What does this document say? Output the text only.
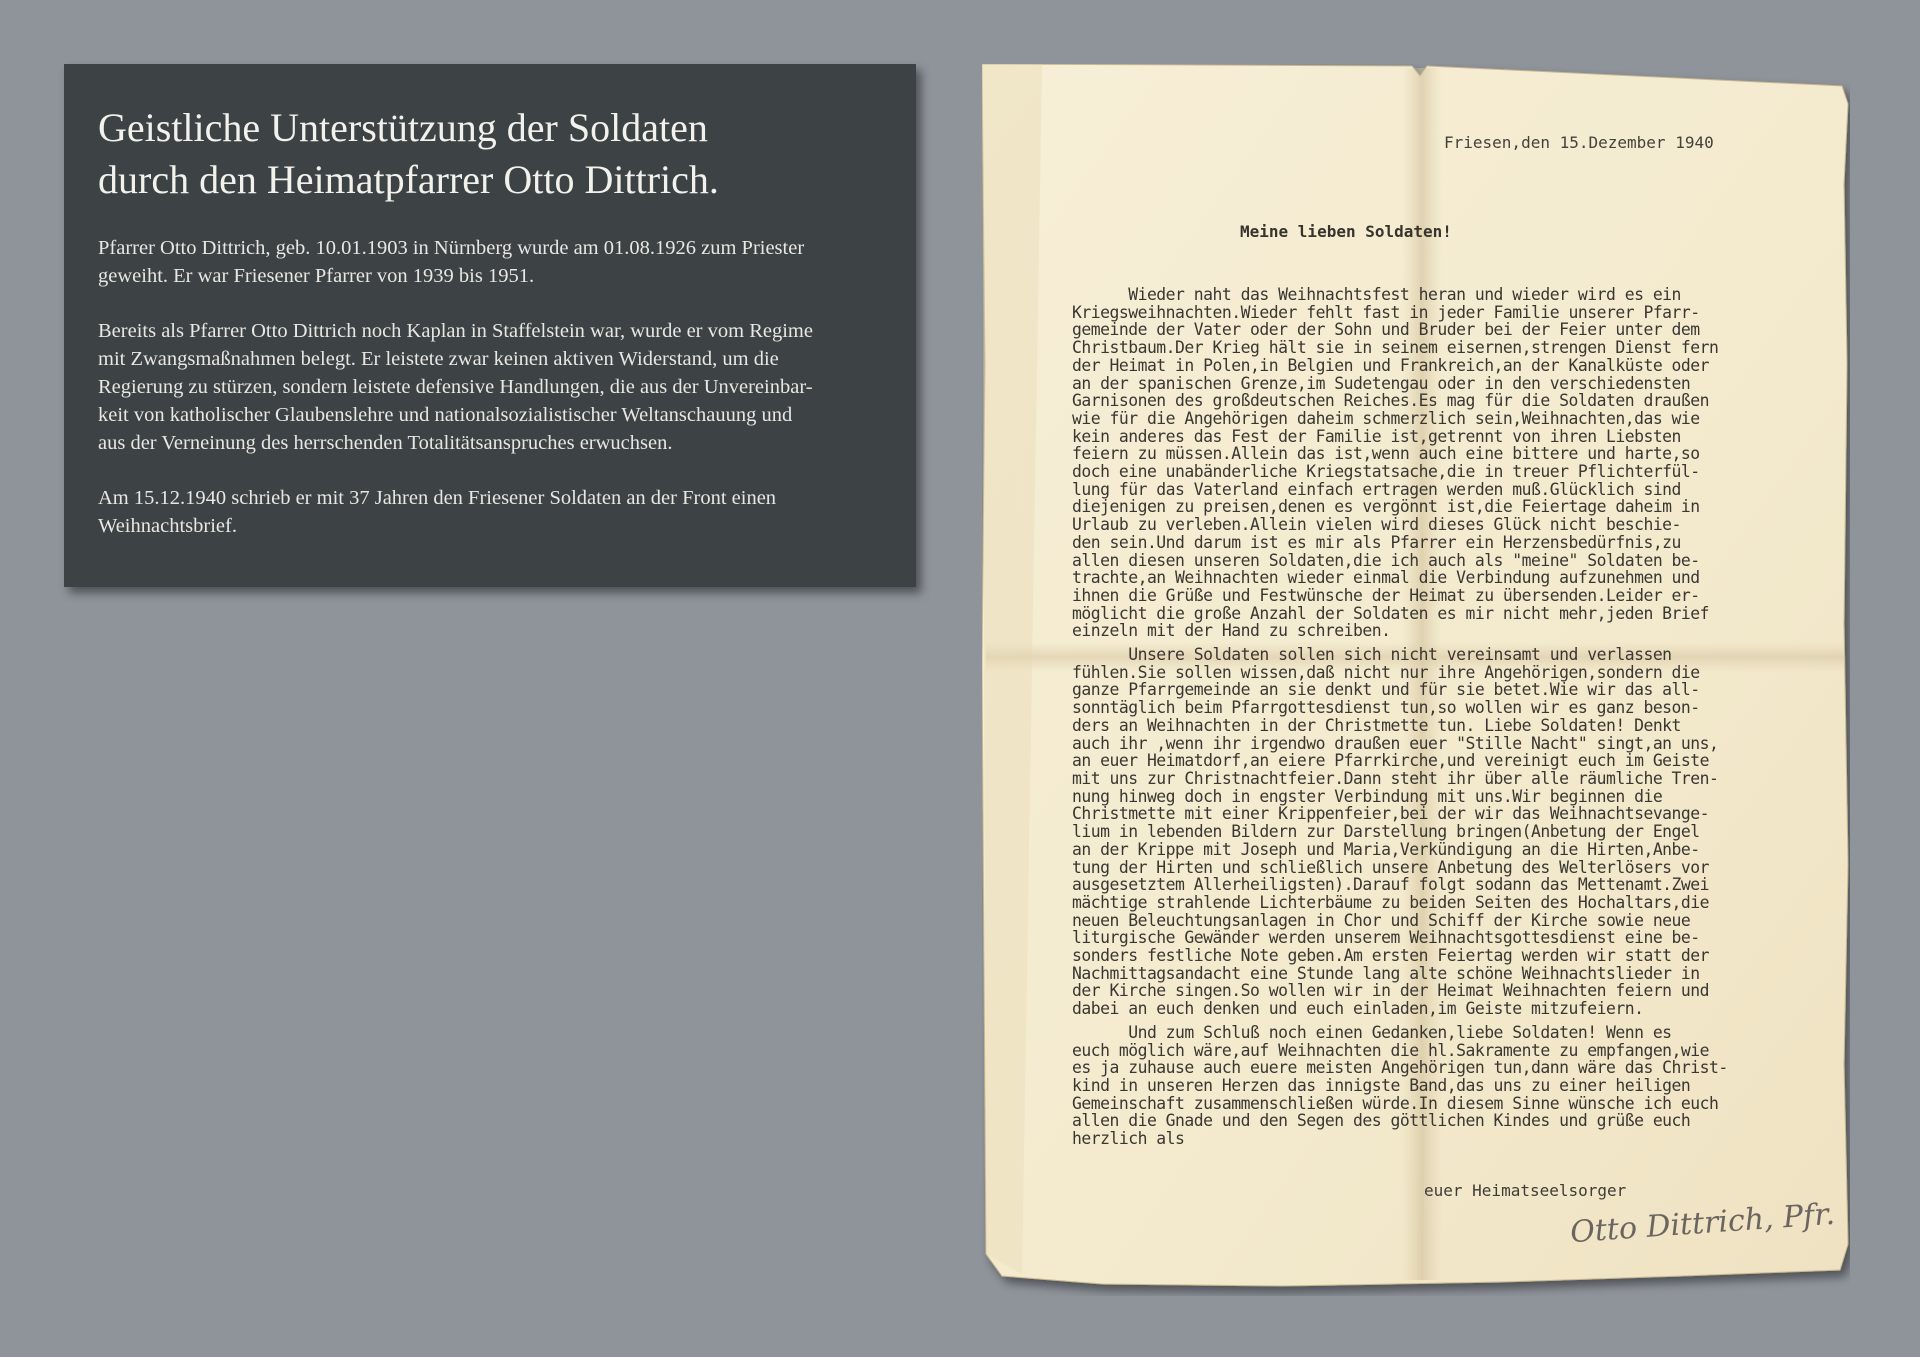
Geistliche Unterstützung der Soldaten
durch den Heimatpfarrer Otto Dittrich.

Pfarrer Otto Dittrich, geb. 10.01.1903 in Nürnberg wurde am 01.08.1926 zum Priester
geweiht. Er war Friesener Pfarrer von 1939 bis 1951.

Bereits als Pfarrer Otto Dittrich noch Kaplan in Staffelstein war, wurde er vom Regime
mit Zwangsmaßnahmen belegt. Er leistete zwar keinen aktiven Widerstand, um die
Regierung zu stürzen, sondern leistete defensive Handlungen, die aus der Unvereinbar-
keit von katholischer Glaubenslehre und nationalsozialistischer Weltanschauung und
aus der Verneinung des herrschenden Totalitätsanspruches erwuchsen.

Am 15.12.1940 schrieb er mit 37 Jahren den Friesener Soldaten an der Front einen
Weihnachtsbrief.

Friesen,den 15.Dezember 1940
Meine lieben Soldaten!
Wieder naht das Weihnachtsfest heran und wieder wird es ein
Kriegsweihnachten.Wieder fehlt fast in jeder Familie unserer Pfarr-
gemeinde der Vater oder der Sohn und Bruder bei der Feier unter dem
Christbaum.Der Krieg hält sie in seinem eisernen,strengen Dienst fern
der Heimat in Polen,in Belgien und Frankreich,an der Kanalküste oder
an der spanischen Grenze,im Sudetengau oder in den verschiedensten
Garnisonen des großdeutschen Reiches.Es mag für die Soldaten draußen
wie für die Angehörigen daheim schmerzlich sein,Weihnachten,das wie
kein anderes das Fest der Familie ist,getrennt von ihren Liebsten
feiern zu müssen.Allein das ist,wenn auch eine bittere und harte,so
doch eine unabänderliche Kriegstatsache,die in treuer Pflichterfül-
lung für das Vaterland einfach ertragen werden muß.Glücklich sind
diejenigen zu preisen,denen es vergönnt ist,die Feiertage daheim in
Urlaub zu verleben.Allein vielen wird dieses Glück nicht beschie-
den sein.Und darum ist es mir als Pfarrer ein Herzensbedürfnis,zu
allen diesen unseren Soldaten,die ich auch als "meine" Soldaten be-
trachte,an Weihnachten wieder einmal die Verbindung aufzunehmen und
ihnen die Grüße und Festwünsche der Heimat zu übersenden.Leider er-
möglicht die große Anzahl der Soldaten es mir nicht mehr,jeden Brief
einzeln mit der Hand zu schreiben.
Unsere Soldaten sollen sich nicht vereinsamt und verlassen
fühlen.Sie sollen wissen,daß nicht nur ihre Angehörigen,sondern die
ganze Pfarrgemeinde an sie denkt und für sie betet.Wie wir das all-
sonntäglich beim Pfarrgottesdienst tun,so wollen wir es ganz beson-
ders an Weihnachten in der Christmette tun. Liebe Soldaten! Denkt
auch ihr ,wenn ihr irgendwo draußen euer "Stille Nacht" singt,an uns,
an euer Heimatdorf,an eiere Pfarrkirche,und vereinigt euch im Geiste
mit uns zur Christnachtfeier.Dann steht ihr über alle räumliche Tren-
nung hinweg doch in engster Verbindung mit uns.Wir beginnen die
Christmette mit einer Krippenfeier,bei der wir das Weihnachtsevange-
lium in lebenden Bildern zur Darstellung bringen(Anbetung der Engel
an der Krippe mit Joseph und Maria,Verkündigung an die Hirten,Anbe-
tung der Hirten und schließlich unsere Anbetung des Welterlösers vor
ausgesetztem Allerheiligsten).Darauf folgt sodann das Mettenamt.Zwei
mächtige strahlende Lichterbäume zu beiden Seiten des Hochaltars,die
neuen Beleuchtungsanlagen in Chor und Schiff der Kirche sowie neue
liturgische Gewänder werden unserem Weihnachtsgottesdienst eine be-
sonders festliche Note geben.Am ersten Feiertag werden wir statt der
Nachmittagsandacht eine Stunde lang alte schöne Weihnachtslieder in
der Kirche singen.So wollen wir in der Heimat Weihnachten feiern und
dabei an euch denken und euch einladen,im Geiste mitzufeiern.
Und zum Schluß noch einen Gedanken,liebe Soldaten! Wenn es
euch möglich wäre,auf Weihnachten die hl.Sakramente zu empfangen,wie
es ja zuhause auch euere meisten Angehörigen tun,dann wäre das Christ-
kind in unseren Herzen das innigste Band,das uns zu einer heiligen
Gemeinschaft zusammenschließen würde.In diesem Sinne wünsche ich euch
allen die Gnade und den Segen des göttlichen Kindes und grüße euch
herzlich als
euer Heimatseelsorger
Otto Dittrich, Pfr.
